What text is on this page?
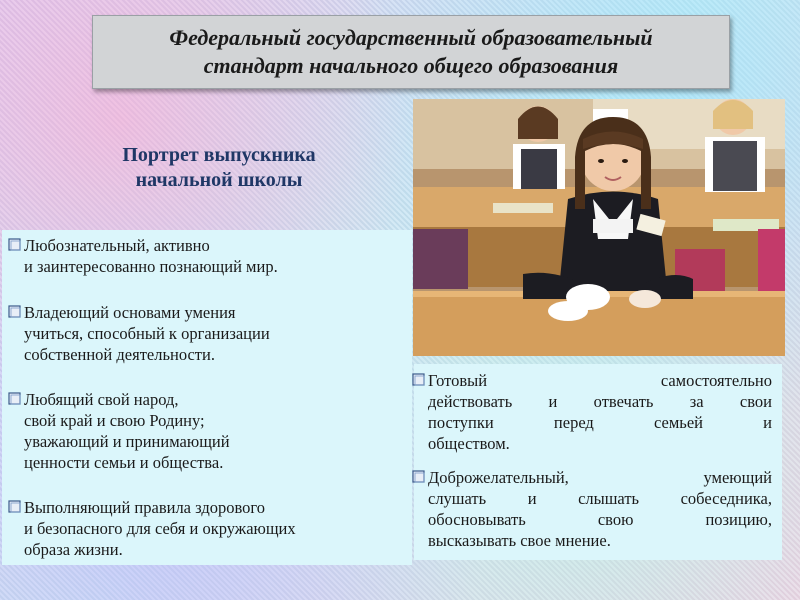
Федеральный государственный образовательный
стандарт начального общего образования
Портрет выпускника
начальной школы
Любознательный, активно
и заинтересованно познающий мир.
Владеющий основами умения
учиться, способный к организации
собственной деятельности.
Любящий свой народ,
свой край и свою Родину;
уважающий и принимающий
ценности семьи и общества.
Выполняющий правила здорового
и безопасного для себя и окружающих
образа жизни.
Готовый самостоятельно
действовать и отвечать за свои
поступки перед семьей и
обществом.
Доброжелательный, умеющий
слушать и слышать собеседника,
обосновывать свою позицию,
высказывать свое мнение.
